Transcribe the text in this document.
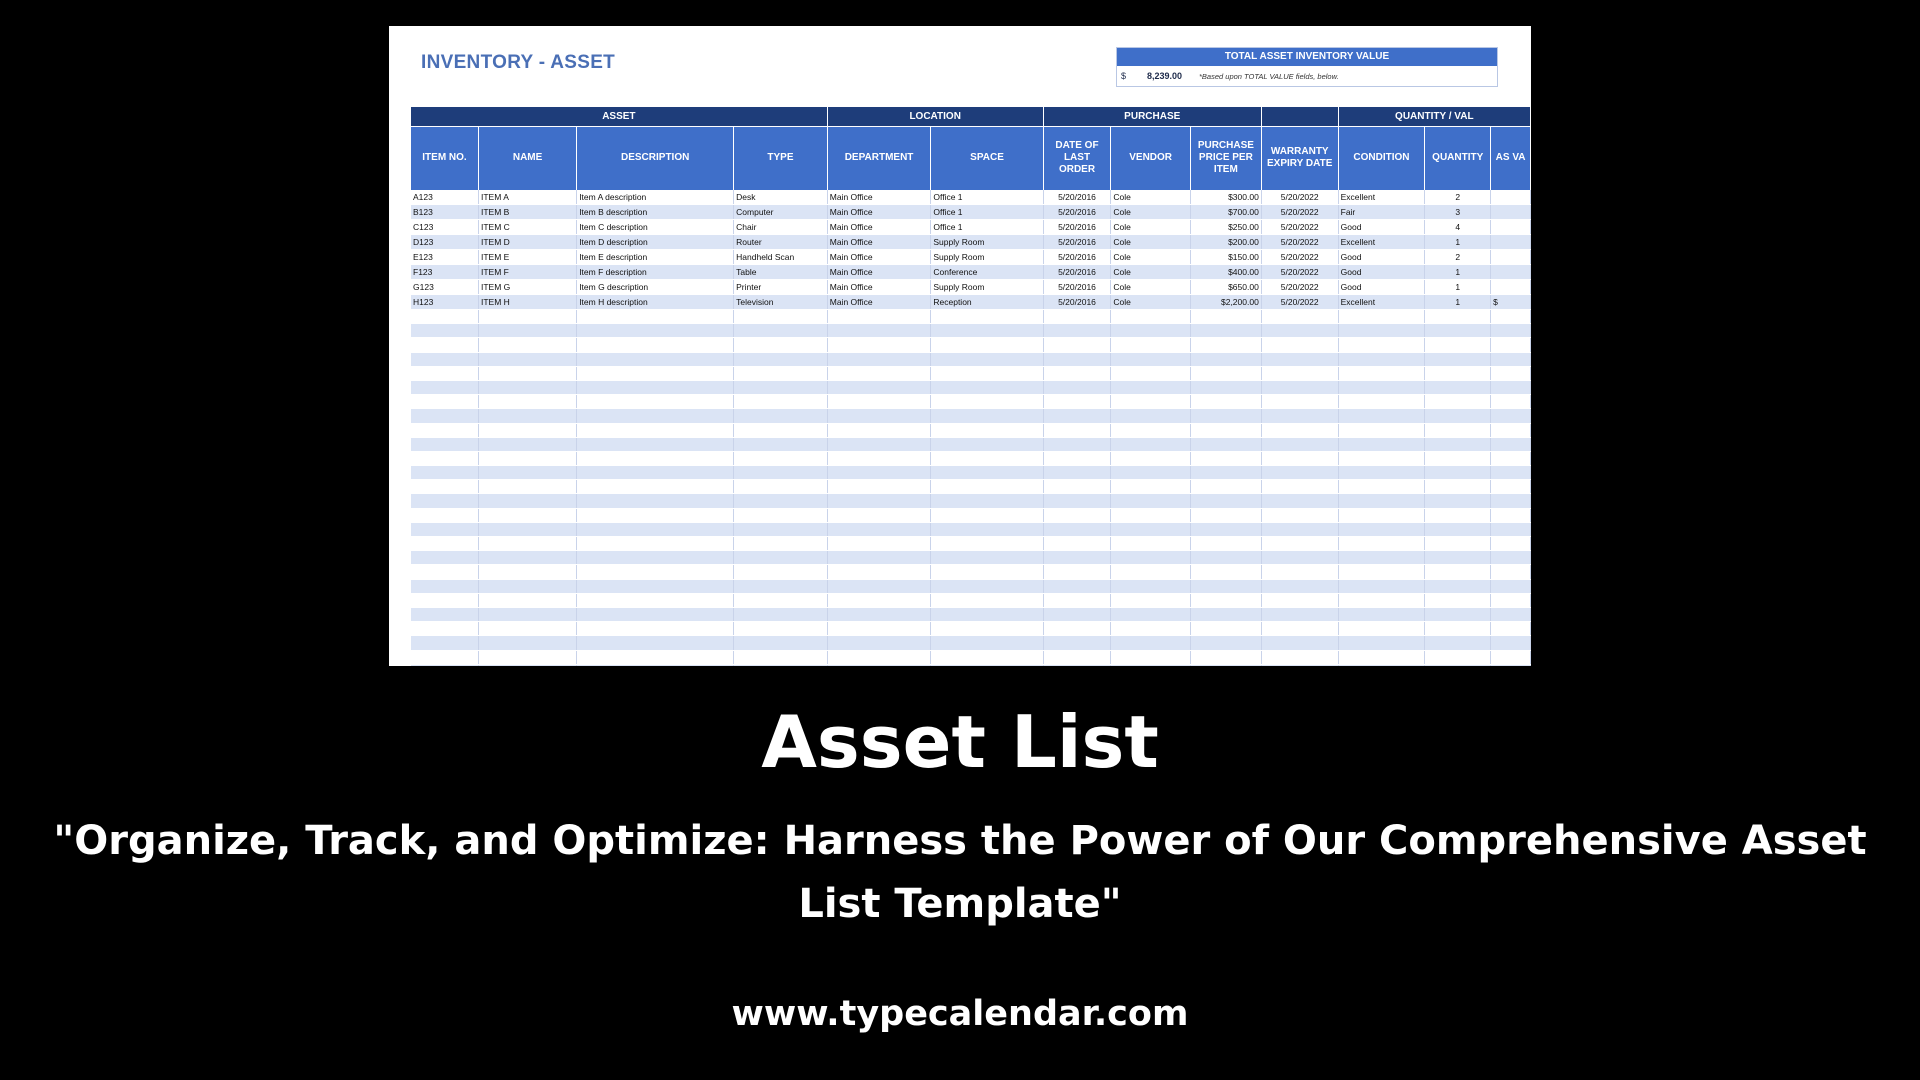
INVENTORY - ASSET	TOTAL ASSET INVENTORY VALUE
$	8,239.00	*Based upon TOTAL VALUE fields, below.
ASSET				LOCATION		PURCHASE				QUANTITY / VAL		
ITEM NO.	NAME	DESCRIPTION	TYPE	DEPARTMENT	SPACE	DATE OF LAST ORDER	VENDOR	PURCHASE PRICE PER ITEM	WARRANTY EXPIRY DATE	CONDITION	QUANTITY	AS VA
A123	ITEM A	Item A description	Desk	Main Office	Office 1	5/20/2016	Cole	$300.00	5/20/2022	Excellent	2	
B123	ITEM B	Item B description	Computer	Main Office	Office 1	5/20/2016	Cole	$700.00	5/20/2022	Fair	3	
C123	ITEM C	Item C description	Chair	Main Office	Office 1	5/20/2016	Cole	$250.00	5/20/2022	Good	4	
D123	ITEM D	Item D description	Router	Main Office	Supply Room	5/20/2016	Cole	$200.00	5/20/2022	Excellent	1	
E123	ITEM E	Item E description	Handheld Scan	Main Office	Supply Room	5/20/2016	Cole	$150.00	5/20/2022	Good	2	
F123	ITEM F	Item F description	Table	Main Office	Conference	5/20/2016	Cole	$400.00	5/20/2022	Good	1	
G123	ITEM G	Item G description	Printer	Main Office	Supply Room	5/20/2016	Cole	$650.00	5/20/2022	Good	1	
H123	ITEM H	Item H description	Television	Main Office	Reception	5/20/2016	Cole	$2,200.00	5/20/2022	Excellent	1	$

Asset List
"Organize, Track, and Optimize: Harness the Power of Our Comprehensive Asset List Template"
www.typecalendar.com
